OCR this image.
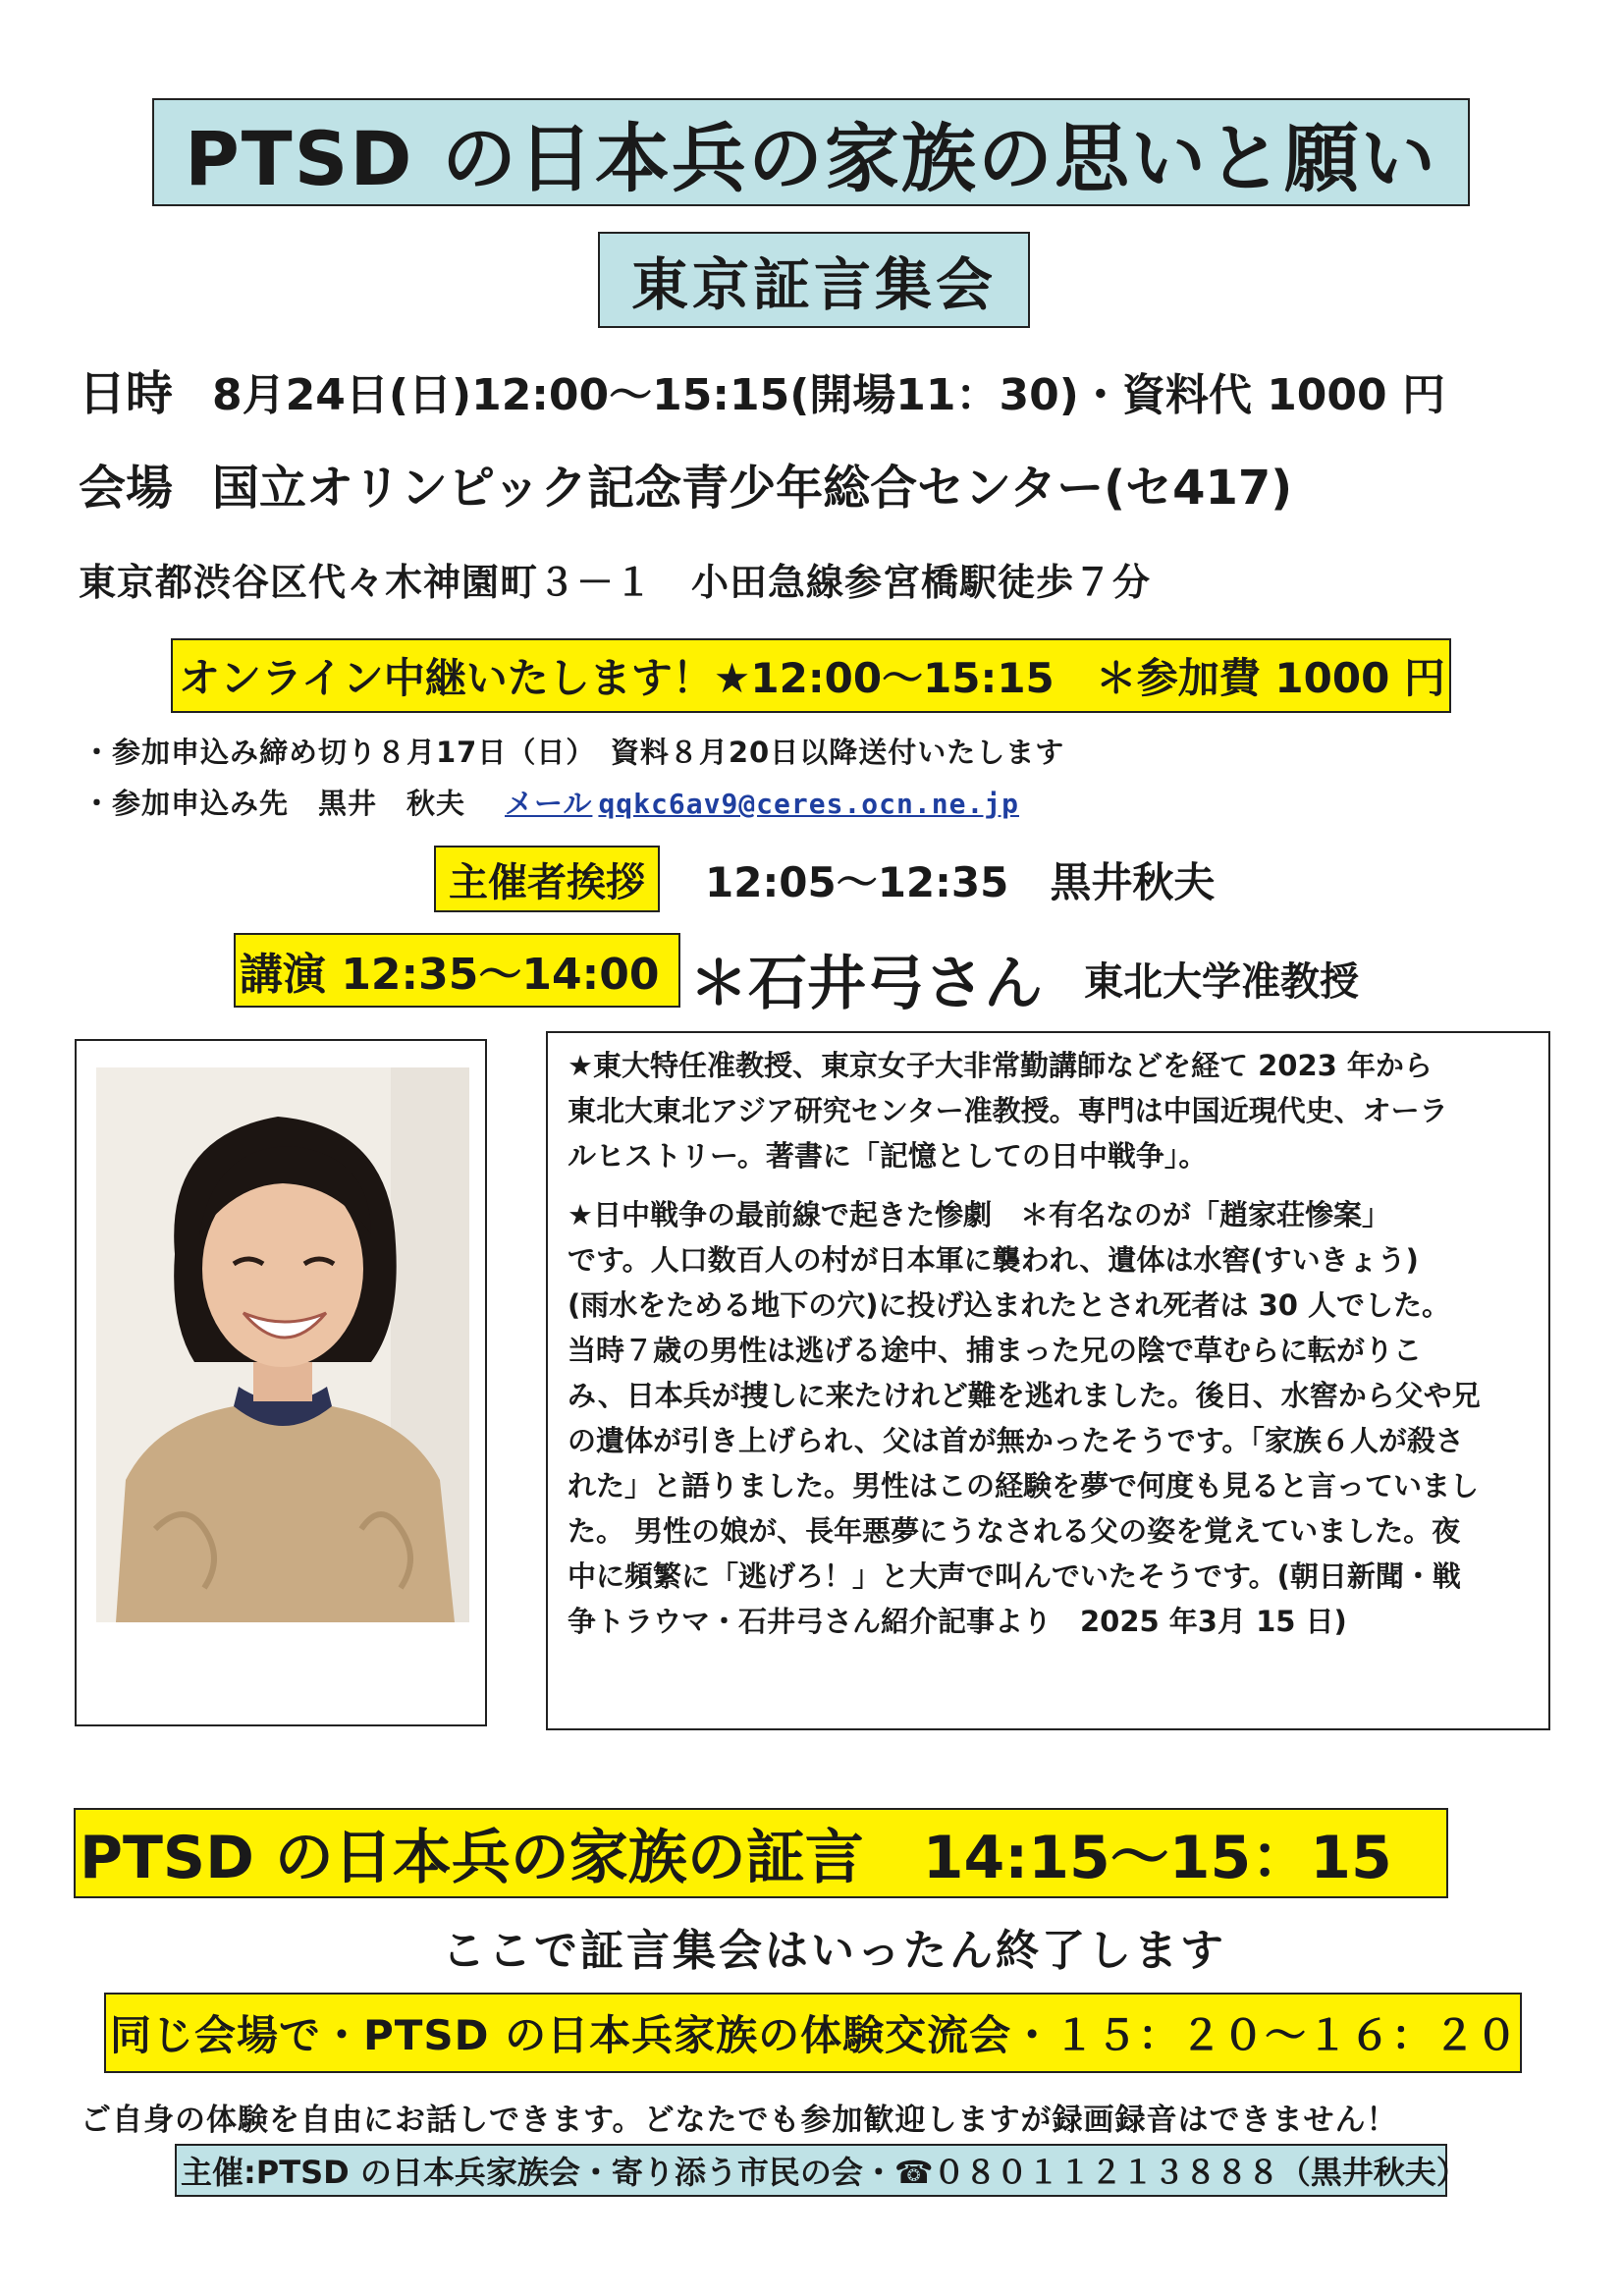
PTSD の日本兵の家族の思いと願い
東京証言集会
日時 8月24日(日)12:00〜15:15(開場11：30)・資料代 1000 円
会場 国立オリンピック記念青少年総合センター(セ417)
東京都渋谷区代々木神園町３－１　小田急線参宮橋駅徒歩７分
オンライン中継いたします！★12:00〜15:15　＊参加費 1000 円
・参加申込み締め切り８月17日（日）　資料８月20日以降送付いたします
・参加申込み先　黒井　秋夫 メール qqkc6av9@ceres.ocn.ne.jp
主催者挨拶	12:05〜12:35　黒井秋夫
講演 12:35〜14:00 ＊石井弓さん 東北大学准教授
★東大特任准教授、東京女子大非常勤講師などを経て 2023 年から
東北大東北アジア研究センター准教授。専門は中国近現代史、オーラ
ルヒストリー。著書に「記憶としての日中戦争」。
★日中戦争の最前線で起きた惨劇　＊有名なのが「趙家荘惨案」
です。人口数百人の村が日本軍に襲われ、遺体は水窖(すいきょう)
(雨水をためる地下の穴)に投げ込まれたとされ死者は 30 人でした。
当時７歳の男性は逃げる途中、捕まった兄の陰で草むらに転がりこ
み、日本兵が捜しに来たけれど難を逃れました。後日、水窖から父や兄
の遺体が引き上げられ、父は首が無かったそうです。「家族６人が殺さ
れた」と語りました。男性はこの経験を夢で何度も見ると言っていまし
た。 男性の娘が、長年悪夢にうなされる父の姿を覚えていました。夜
中に頻繁に「逃げろ！」と大声で叫んでいたそうです。(朝日新聞・戦
争トラウマ・石井弓さん紹介記事より　2025 年3月 15 日)
PTSD の日本兵の家族の証言　14:15〜15：15
ここで証言集会はいったん終了します
同じ会場で・PTSD の日本兵家族の体験交流会・１５：２０〜１６：２０
ご自身の体験を自由にお話しできます。どなたでも参加歓迎しますが録画録音はできません！
主催:PTSD の日本兵家族会・寄り添う市民の会・☎０８０１１２１３８８８（黒井秋夫）
